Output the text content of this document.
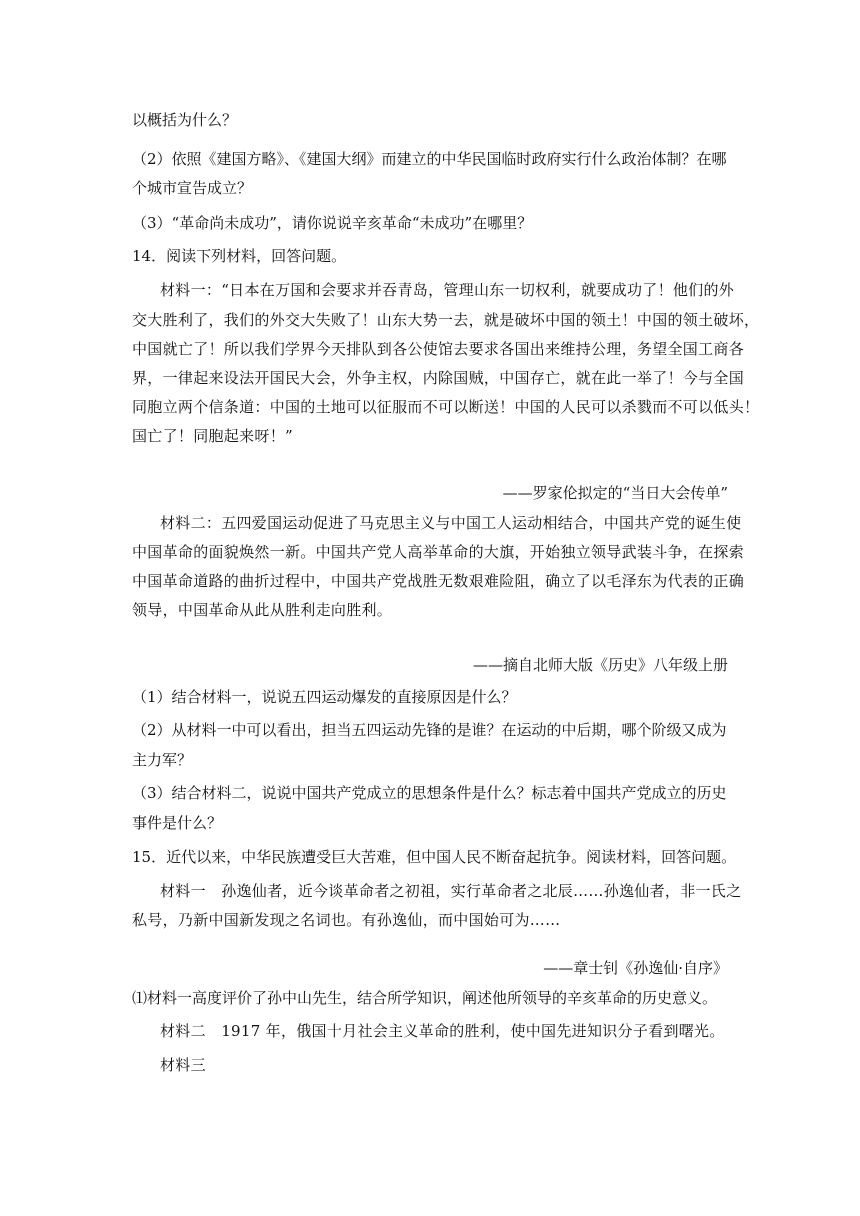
以概括为什么？
（2）依照《建国方略》、《建国大纲》而建立的中华民国临时政府实行什么政治体制？在哪
个城市宣告成立？
（3）“革命尚未成功”，请你说说辛亥革命“未成功”在哪里？
14．阅读下列材料，回答问题。
材料一：“日本在万国和会要求并吞青岛，管理山东一切权利，就要成功了！他们的外
交大胜利了，我们的外交大失败了！山东大势一去，就是破坏中国的领土！中国的领土破坏，
中国就亡了！所以我们学界今天排队到各公使馆去要求各国出来维持公理，务望全国工商各
界，一律起来设法开国民大会，外争主权，内除国贼，中国存亡，就在此一举了！今与全国
同胞立两个信条道：中国的土地可以征服而不可以断送！中国的人民可以杀戮而不可以低头！
国亡了！同胞起来呀！”
——罗家伦拟定的“当日大会传单”
材料二：五四爱国运动促进了马克思主义与中国工人运动相结合，中国共产党的诞生使
中国革命的面貌焕然一新。中国共产党人高举革命的大旗，开始独立领导武装斗争，在探索
中国革命道路的曲折过程中，中国共产党战胜无数艰难险阻，确立了以毛泽东为代表的正确
领导，中国革命从此从胜利走向胜利。
——摘自北师大版《历史》八年级上册
（1）结合材料一，说说五四运动爆发的直接原因是什么？
（2）从材料一中可以看出，担当五四运动先锋的是谁？在运动的中后期，哪个阶级又成为
主力军？
（3）结合材料二，说说中国共产党成立的思想条件是什么？标志着中国共产党成立的历史
事件是什么？
15．近代以来，中华民族遭受巨大苦难，但中国人民不断奋起抗争。阅读材料，回答问题。
材料一　孙逸仙者，近今谈革命者之初祖，实行革命者之北辰……孙逸仙者，非一氏之
私号，乃新中国新发现之名词也。有孙逸仙，而中国始可为……
——章士钊《孙逸仙·自序》
⑴材料一高度评价了孙中山先生，结合所学知识，阐述他所领导的辛亥革命的历史意义。
材料二　1917 年，俄国十月社会主义革命的胜利，使中国先进知识分子看到曙光。
材料三
